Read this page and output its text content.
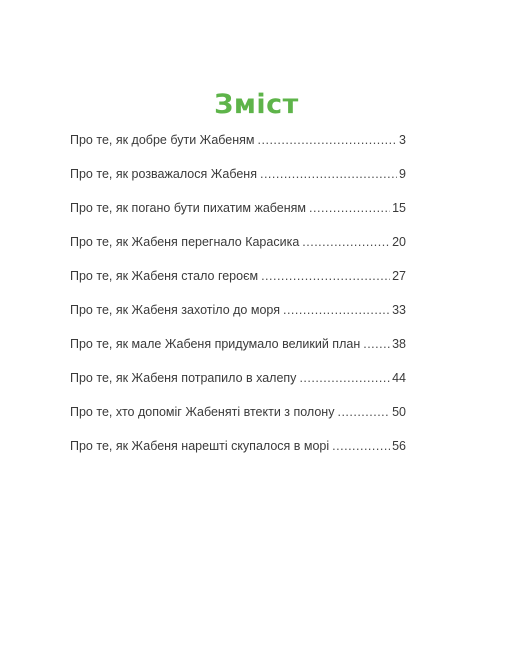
Зміст
Про те, як добре бути Жабеням .....	3
Про те, як розважалося Жабеня .....	9
Про те, як погано бути пихатим жабеням .....	15
Про те, як Жабеня перегнало Карасика .....	20
Про те, як Жабеня стало героєм .....	27
Про те, як Жабеня захотіло до моря .....	33
Про те, як мале Жабеня придумало великий план .....	38
Про те, як Жабеня потрапило в халепу .....	44
Про те, хто допоміг Жабеняті втекти з полону .....	50
Про те, як Жабеня нарешті скупалося в морі .....	56
